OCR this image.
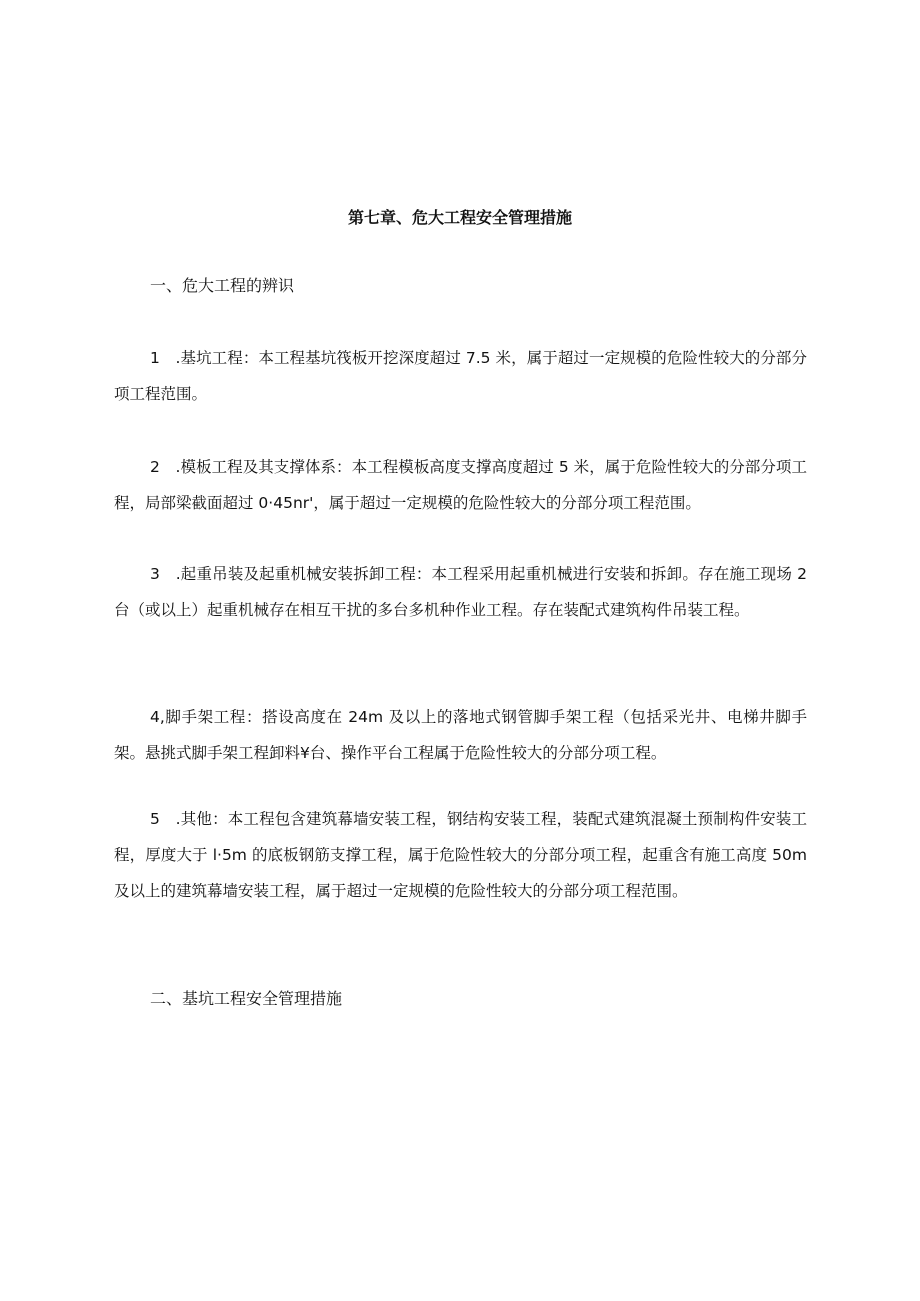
第七章、危大工程安全管理措施
一、危大工程的辨识
1　.基坑工程：本工程基坑筏板开挖深度超过 7.5 米，属于超过一定规模的危险性较大的分部分项工程范围。
2　.模板工程及其支撑体系：本工程模板高度支撑高度超过 5 米，属于危险性较大的分部分项工程，局部梁截面超过 0·45nr'，属于超过一定规模的危险性较大的分部分项工程范围。
3　.起重吊装及起重机械安装拆卸工程：本工程采用起重机械进行安装和拆卸。存在施工现场 2 台（或以上）起重机械存在相互干扰的多台多机种作业工程。存在装配式建筑构件吊装工程。
4,脚手架工程：搭设高度在 24m 及以上的落地式钢管脚手架工程（包括采光井、电梯井脚手架。悬挑式脚手架工程卸料¥台、操作平台工程属于危险性较大的分部分项工程。
5　.其他：本工程包含建筑幕墙安装工程，钢结构安装工程，装配式建筑混凝土预制构件安装工程，厚度大于 l·5m 的底板钢筋支撑工程，属于危险性较大的分部分项工程，起重含有施工高度 50m 及以上的建筑幕墙安装工程，属于超过一定规模的危险性较大的分部分项工程范围。
二、基坑工程安全管理措施
